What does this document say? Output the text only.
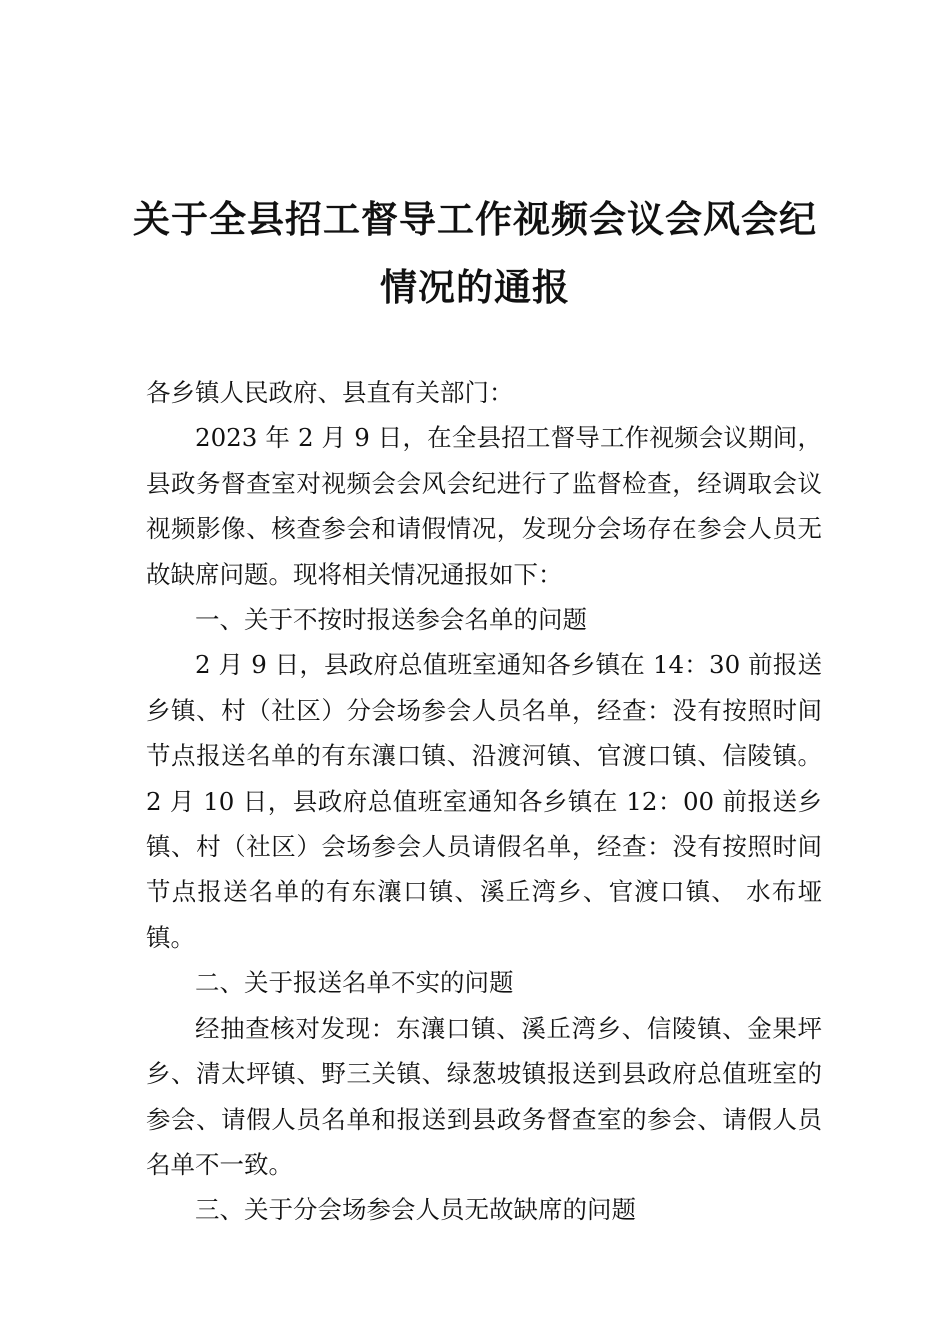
关于全县招工督导工作视频会议会风会纪
情况的通报

各乡镇人民政府、县直有关部门：

2023 年 2 月 9 日，在全县招工督导工作视频会议期间，县政务督查室对视频会会风会纪进行了监督检查，经调取会议视频影像、核查参会和请假情况，发现分会场存在参会人员无故缺席问题。现将相关情况通报如下：

一、关于不按时报送参会名单的问题

2 月 9 日，县政府总值班室通知各乡镇在 14：30 前报送乡镇、村（社区）分会场参会人员名单，经查：没有按照时间节点报送名单的有东瀼口镇、沿渡河镇、官渡口镇、信陵镇。2 月 10 日，县政府总值班室通知各乡镇在 12：00 前报送乡镇、村（社区）会场参会人员请假名单，经查：没有按照时间节点报送名单的有东瀼口镇、溪丘湾乡、官渡口镇、 水布垭镇。

二、关于报送名单不实的问题

经抽查核对发现：东瀼口镇、溪丘湾乡、信陵镇、金果坪乡、清太坪镇、野三关镇、绿葱坡镇报送到县政府总值班室的参会、请假人员名单和报送到县政务督查室的参会、请假人员名单不一致。

三、关于分会场参会人员无故缺席的问题
